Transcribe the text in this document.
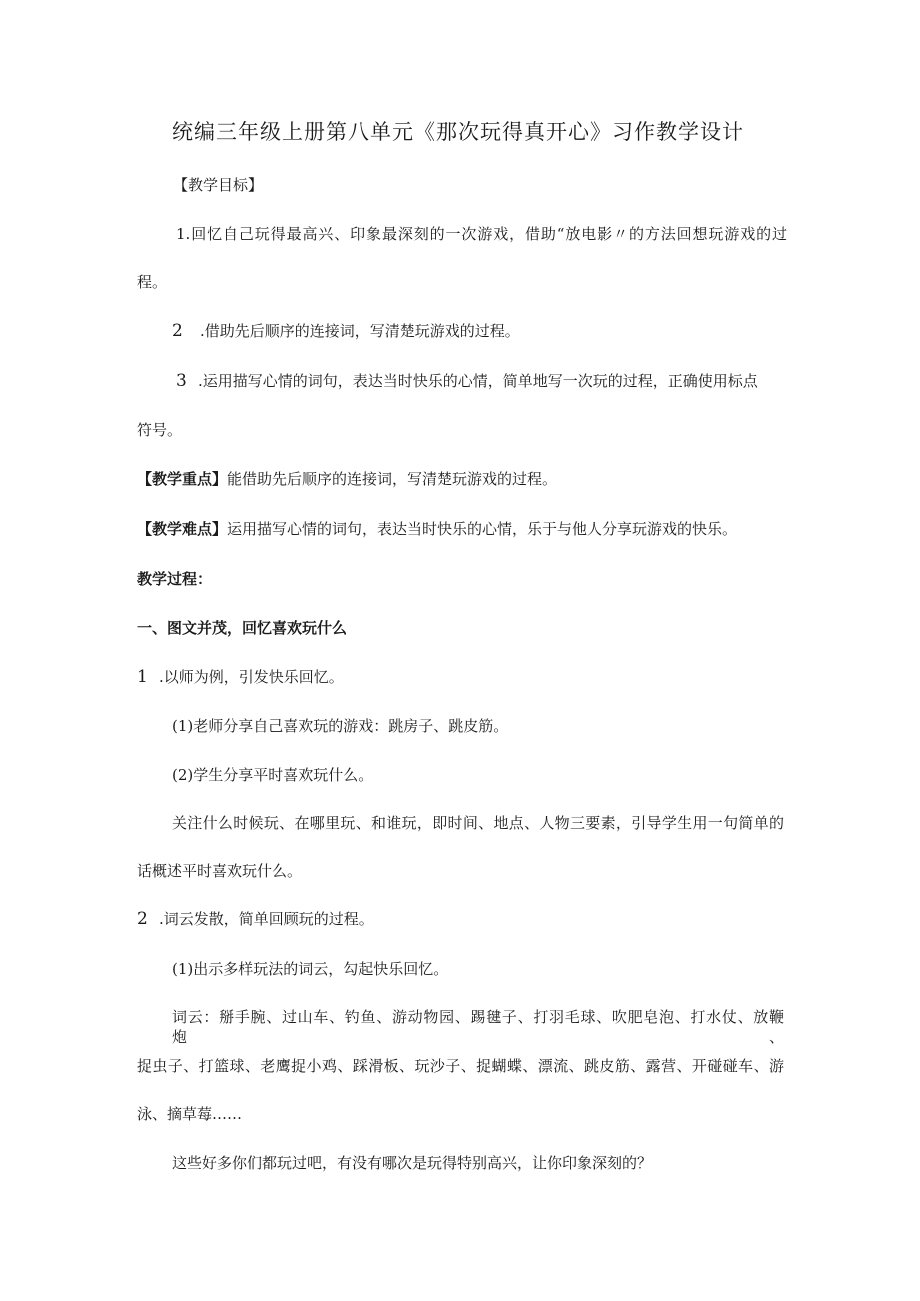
统编三年级上册第八单元《那次玩得真开心》习作教学设计
【教学目标】
1.回忆自己玩得最高兴、印象最深刻的一次游戏，借助“放电影〃的方法回想玩游戏的过
程。
2 .借助先后顺序的连接词，写清楚玩游戏的过程。
3 .运用描写心情的词句，表达当时快乐的心情，简单地写一次玩的过程，正确使用标点
符号。
【教学重点】能借助先后顺序的连接词，写清楚玩游戏的过程。
【教学难点】运用描写心情的词句，表达当时快乐的心情，乐于与他人分享玩游戏的快乐。
教学过程：
一、图文并茂，回忆喜欢玩什么
1 .以师为例，引发快乐回忆。
(1)老师分享自己喜欢玩的游戏：跳房子、跳皮筋。
(2)学生分享平时喜欢玩什么。
关注什么时候玩、在哪里玩、和谁玩，即时间、地点、人物三要素，引导学生用一句简单的
话概述平时喜欢玩什么。
2 .词云发散，简单回顾玩的过程。
(1)出示多样玩法的词云，勾起快乐回忆。
词云：掰手腕、过山车、钓鱼、游动物园、踢毽子、打羽毛球、吹肥皂泡、打水仗、放鞭炮、
捉虫子、打篮球、老鹰捉小鸡、踩滑板、玩沙子、捉蝴蝶、漂流、跳皮筋、露营、开碰碰车、游
泳、摘草莓……
这些好多你们都玩过吧，有没有哪次是玩得特别高兴，让你印象深刻的？
